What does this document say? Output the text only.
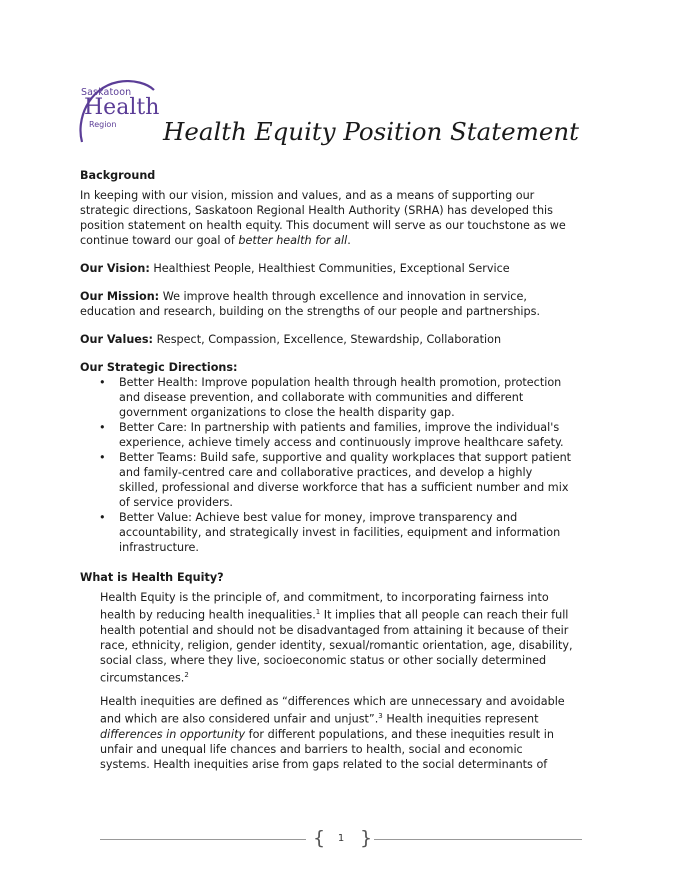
Saskatoon
Health
Region Health Equity Position Statement

Background

In keeping with our vision, mission and values, and as a means of supporting our

strategic directions, Saskatoon Regional Health Authority (SRHA) has developed this

position statement on health equity. This document will serve as our touchstone as we

continue toward our goal of better health for all.

Our Vision: Healthiest People, Healthiest Communities, Exceptional Service

Our Mission: We improve health through excellence and innovation in service,

education and research, building on the strengths of our people and partnerships.

Our Values: Respect, Compassion, Excellence, Stewardship, Collaboration

Our Strategic Directions:

• Better Health: Improve population health through health promotion, protection

and disease prevention, and collaborate with communities and different

government organizations to close the health disparity gap.

• Better Care: In partnership with patients and families, improve the individual's

experience, achieve timely access and continuously improve healthcare safety.

• Better Teams: Build safe, supportive and quality workplaces that support patient

and family-centred care and collaborative practices, and develop a highly

skilled, professional and diverse workforce that has a sufficient number and mix

of service providers.

• Better Value: Achieve best value for money, improve transparency and

accountability, and strategically invest in facilities, equipment and information

infrastructure.

What is Health Equity?

Health Equity is the principle of, and commitment, to incorporating fairness into

health by reducing health inequalities.$^1$ It implies that all people can reach their full

health potential and should not be disadvantaged from attaining it because of their

race, ethnicity, religion, gender identity, sexual/romantic orientation, age, disability,

social class, where they live, socioeconomic status or other socially determined

circumstances.$^2$

Health inequities are defined as “differences which are unnecessary and avoidable

and which are also considered unfair and unjust”.$^3$ Health inequities represent

differences in opportunity for different populations, and these inequities result in

unfair and unequal life chances and barriers to health, social and economic

systems. Health inequities arise from gaps related to the social determinants of

{ }
1
